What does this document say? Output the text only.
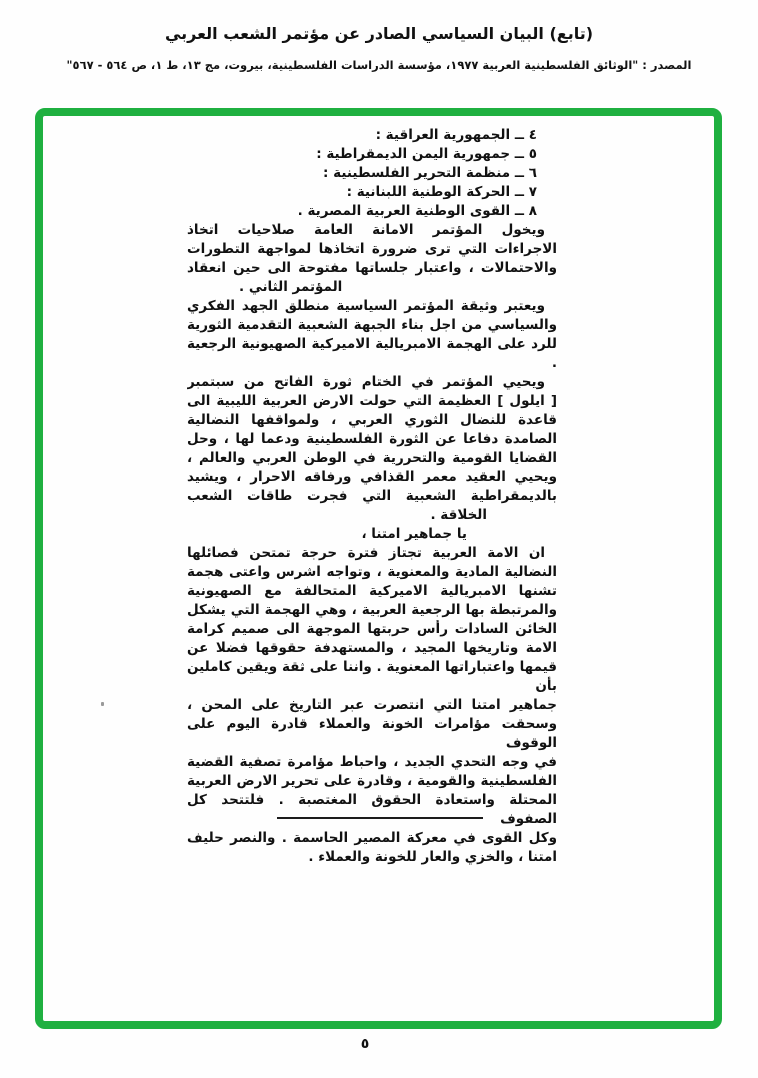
(تابع) البيان السياسي الصادر عن مؤتمر الشعب العربي
المصدر : "الوثائق الفلسطينية العربية ١٩٧٧، مؤسسة الدراسات الفلسطينية، بيروت، مج ١٣، ط ١، ص ٥٦٤ - ٥٦٧"
٤ ــ الجمهورية العراقية :
٥ ــ جمهورية اليمن الديمقراطية :
٦ ــ منظمة التحرير الفلسطينية :
٧ ــ الحركة الوطنية اللبنانية :
٨ ــ القوى الوطنية العربية المصرية .
ويخول المؤتمر الامانة العامة صلاحيات اتخاذ
الاجراءات التي ترى ضرورة اتخاذها لمواجهة التطورات
والاحتمالات ، واعتبار جلساتها مفتوحة الى حين انعقاد
المؤتمر الثاني .
ويعتبر وثيقة المؤتمر السياسية منطلق الجهد الفكري
والسياسي من اجل بناء الجبهة الشعبية التقدمية الثورية
للرد على الهجمة الامبريالية الاميركية الصهيونية الرجعية .
ويحيي المؤتمر في الختام ثورة الفاتح من سبتمبر
[ ايلول ] العظيمة التي حولت الارض العربية الليبية الى
قاعدة للنضال الثوري العربي ، ولمواقفها النضالية
الصامدة دفاعا عن الثورة الفلسطينية ودعما لها ، وحل
القضايا القومية والتحررية في الوطن العربي والعالم ،
ويحيي العقيد معمر القذافي ورفاقه الاحرار ، ويشيد
بالديمقراطية الشعبية التي فجرت طاقات الشعب
الخلاقة .
يا جماهير امتنا ،
ان الامة العربية تجتاز فترة حرجة تمتحن فصائلها
النضالية المادية والمعنوية ، وتواجه اشرس واعتى هجمة
تشنها الامبريالية الاميركية المتحالفة مع الصهيونية
والمرتبطة بها الرجعية العربية ، وهي الهجمة التي يشكل
الخائن السادات رأس حربتها الموجهة الى صميم كرامة
الامة وتاريخها المجيد ، والمستهدفة حقوقها فضلا عن
قيمها واعتباراتها المعنوية . واننا على ثقة ويقين كاملين بأن
جماهير امتنا التي انتصرت عبر التاريخ على المحن ،
وسحقت مؤامرات الخونة والعملاء قادرة اليوم على الوقوف
في وجه التحدي الجديد ، واحباط مؤامرة تصفية القضية
الفلسطينية والقومية ، وقادرة على تحرير الارض العربية
المحتلة واستعادة الحقوق المغتصبة . فلتتحد كل الصفوف
وكل القوى في معركة المصير الحاسمة . والنصر حليف
امتنا ، والخزي والعار للخونة والعملاء .
٥
